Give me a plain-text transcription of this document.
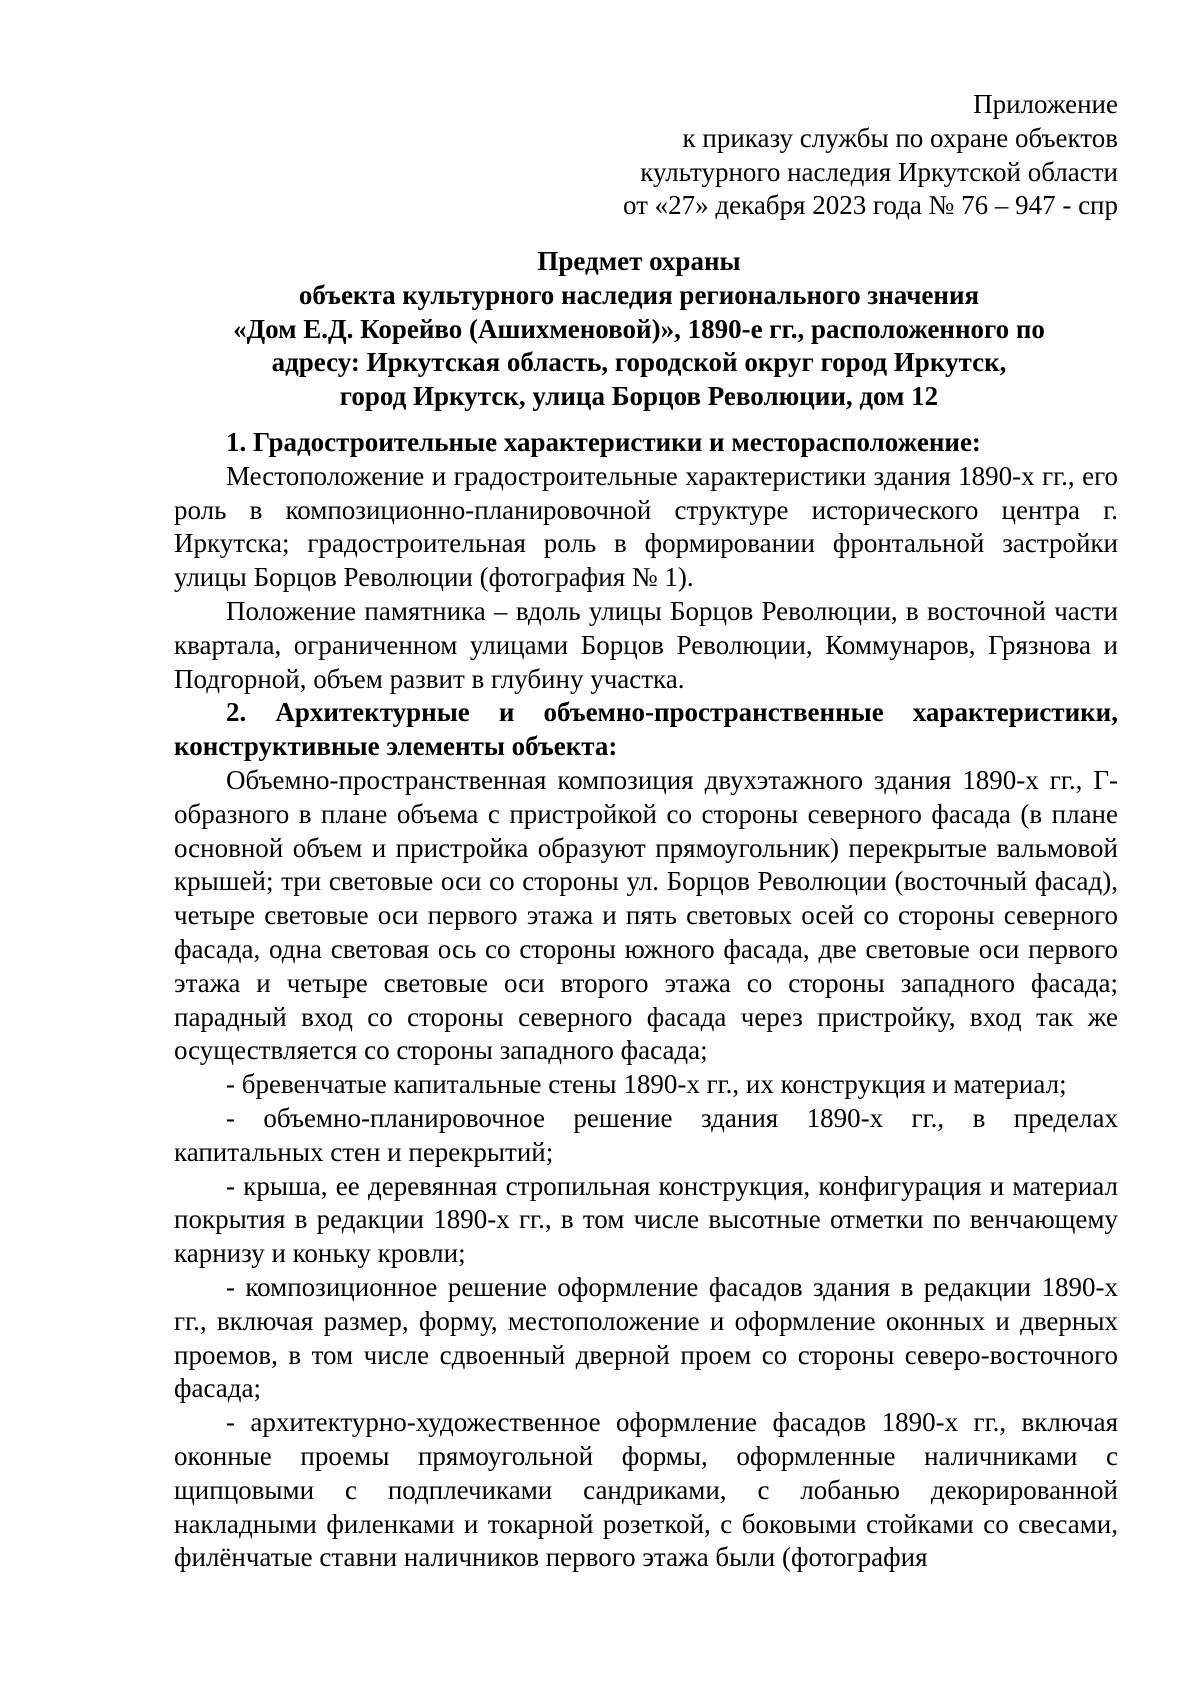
Приложение
к приказу службы по охране объектов
культурного наследия Иркутской области
от «27» декабря 2023 года № 76 – 947 - спр
Предмет охраны
объекта культурного наследия регионального значения
«Дом Е.Д. Корейво (Ашихменовой)», 1890-е гг., расположенного по
адресу: Иркутская область, городской округ город Иркутск,
город Иркутск, улица Борцов Революции, дом 12

1. Градостроительные характеристики и месторасположение:

Местоположение и градостроительные характеристики здания 1890-х гг., его роль в композиционно-планировочной структуре исторического центра г. Иркутска; градостроительная роль в формировании фронтальной застройки улицы Борцов Революции (фотография № 1).

Положение памятника – вдоль улицы Борцов Революции, в восточной части квартала, ограниченном улицами Борцов Революции, Коммунаров, Грязнова и Подгорной, объем развит в глубину участка.

2. Архитектурные и объемно-пространственные характеристики, конструктивные элементы объекта:

Объемно-пространственная композиция двухэтажного здания 1890-х гг., Г-образного в плане объема с пристройкой со стороны северного фасада (в плане основной объем и пристройка образуют прямоугольник) перекрытые вальмовой крышей; три световые оси со стороны ул. Борцов Революции (восточный фасад), четыре световые оси первого этажа и пять световых осей со стороны северного фасада, одна световая ось со стороны южного фасада, две световые оси первого этажа и четыре световые оси второго этажа со стороны западного фасада; парадный вход со стороны северного фасада через пристройку, вход так же осуществляется со стороны западного фасада;

- бревенчатые капитальные стены 1890-х гг., их конструкция и материал;

- объемно-планировочное решение здания 1890-х гг., в пределах капитальных стен и перекрытий;

- крыша, ее деревянная стропильная конструкция, конфигурация и материал покрытия в редакции 1890-х гг., в том числе высотные отметки по венчающему карнизу и коньку кровли;

- композиционное решение оформление фасадов здания в редакции 1890-х гг., включая размер, форму, местоположение и оформление оконных и дверных проемов, в том числе сдвоенный дверной проем со стороны северо-восточного фасада;

- архитектурно-художественное оформление фасадов 1890-х гг., включая оконные проемы прямоугольной формы, оформленные наличниками с щипцовыми с подплечиками сандриками, с лобанью декорированной накладными филенками и токарной розеткой, с боковыми стойками со свесами, филёнчатые ставни наличников первого этажа были (фотография
